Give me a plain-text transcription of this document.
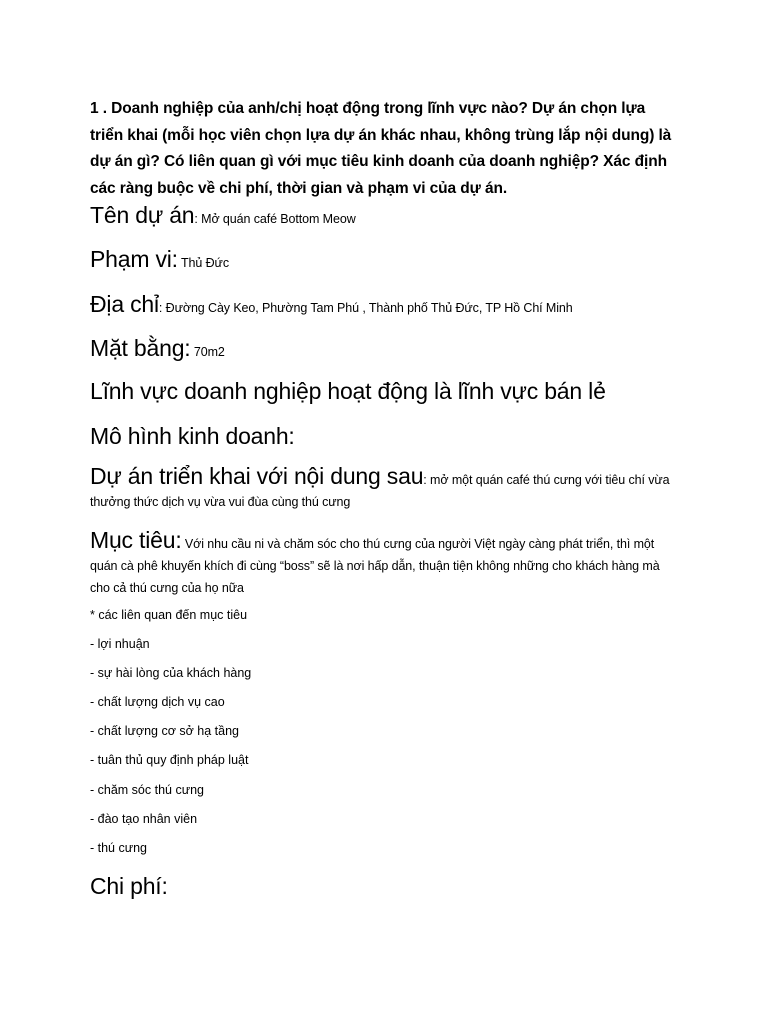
1 . Doanh nghiệp của anh/chị hoạt động trong lĩnh vực nào? Dự án chọn lựa triển khai (mỗi học viên chọn lựa dự án khác nhau, không trùng lắp nội dung) là dự án gì? Có liên quan gì với mục tiêu kinh doanh của doanh nghiệp? Xác định các ràng buộc về chi phí, thời gian và phạm vi của dự án.
Tên dự án: Mở quán café Bottom Meow
Phạm vi: Thủ Đức
Địa chỉ: Đường Cày Keo, Phường Tam Phú , Thành phố Thủ Đức, TP Hồ Chí Minh
Mặt bằng: 70m2
Lĩnh vực doanh nghiệp hoạt động là lĩnh vực bán lẻ
Mô hình kinh doanh:
Dự án triển khai với nội dung sau: mở một quán café thú cưng với tiêu chí vừa thưởng thức dịch vụ vừa vui đùa cùng thú cưng
Mục tiêu: Với nhu cầu ni và chăm sóc cho thú cưng của người Việt ngày càng phát triển, thì một quán cà phê khuyến khích đi cùng “boss” sẽ là nơi hấp dẫn, thuận tiện không những cho khách hàng mà cho cả thú cưng của họ nữa
* các liên quan đến mục tiêu
- lợi nhuận
- sự hài lòng của khách hàng
- chất lượng dịch vụ cao
- chất lượng cơ sở hạ tầng
- tuân thủ quy định pháp luật
- chăm sóc thú cưng
- đào tạo nhân viên
- thú cưng
Chi phí:
